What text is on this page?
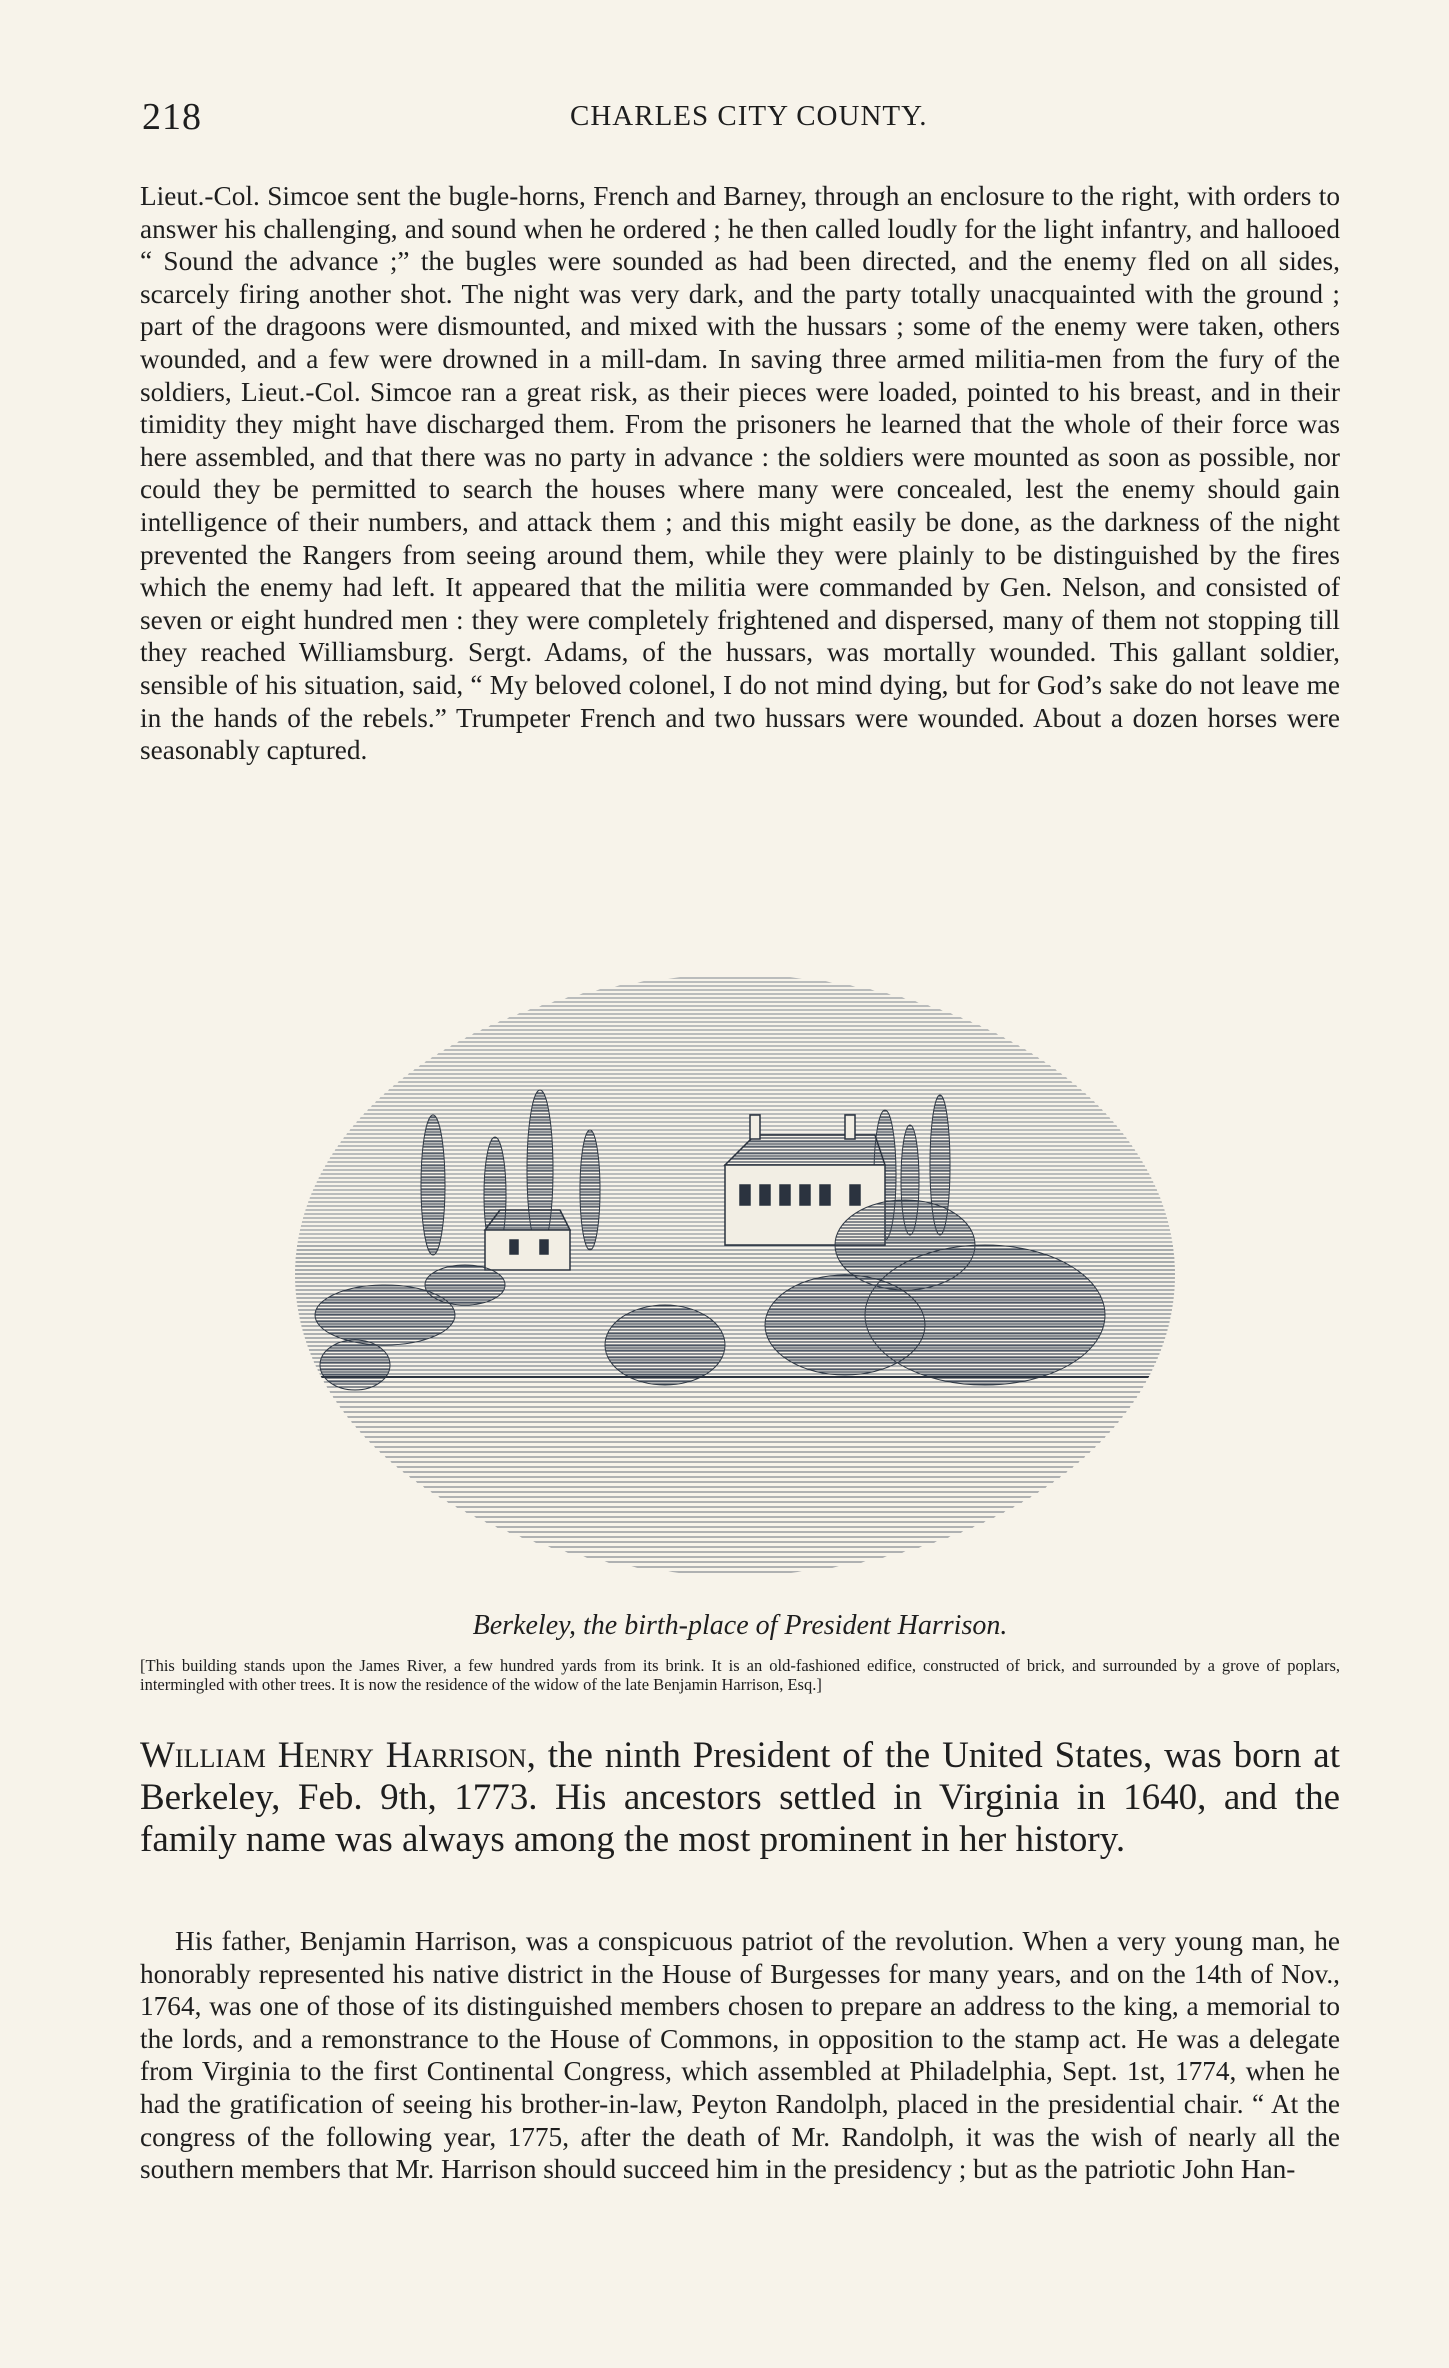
218	CHARLES CITY COUNTY.

Lieut.-Col. Simcoe sent the bugle-horns, French and Barney, through an enclosure to the right, with orders to answer his challenging, and sound when he ordered ; he then called loudly for the light infantry, and hallooed “ Sound the advance ;” the bugles were sounded as had been directed, and the enemy fled on all sides, scarcely firing another shot. The night was very dark, and the party totally unacquainted with the ground ; part of the dragoons were dismounted, and mixed with the hussars ; some of the enemy were taken, others wounded, and a few were drowned in a mill-dam. In saving three armed militia-men from the fury of the soldiers, Lieut.-Col. Simcoe ran a great risk, as their pieces were loaded, pointed to his breast, and in their timidity they might have discharged them. From the prisoners he learned that the whole of their force was here assembled, and that there was no party in advance : the soldiers were mounted as soon as possible, nor could they be permitted to search the houses where many were concealed, lest the enemy should gain intelligence of their numbers, and attack them ; and this might easily be done, as the darkness of the night prevented the Rangers from seeing around them, while they were plainly to be distinguished by the fires which the enemy had left. It appeared that the militia were commanded by Gen. Nelson, and consisted of seven or eight hundred men : they were completely frightened and dispersed, many of them not stopping till they reached Williamsburg. Sergt. Adams, of the hussars, was mortally wounded. This gallant soldier, sensible of his situation, said, “ My beloved colonel, I do not mind dying, but for God’s sake do not leave me in the hands of the rebels.” Trumpeter French and two hussars were wounded. About a dozen horses were seasonably captured.

Berkeley, the birth-place of President Harrison.

[This building stands upon the James River, a few hundred yards from its brink. It is an old-fashioned edifice, constructed of brick, and surrounded by a grove of poplars, intermingled with other trees. It is now the residence of the widow of the late Benjamin Harrison, Esq.]

William Henry Harrison, the ninth President of the United States, was born at Berkeley, Feb. 9th, 1773. His ancestors settled in Virginia in 1640, and the family name was always among the most prominent in her history.

His father, Benjamin Harrison, was a conspicuous patriot of the revolution. When a very young man, he honorably represented his native district in the House of Burgesses for many years, and on the 14th of Nov., 1764, was one of those of its distinguished members chosen to prepare an address to the king, a memorial to the lords, and a remonstrance to the House of Commons, in opposition to the stamp act. He was a delegate from Virginia to the first Continental Congress, which assembled at Philadelphia, Sept. 1st, 1774, when he had the gratification of seeing his brother-in-law, Peyton Randolph, placed in the presidential chair. “ At the congress of the following year, 1775, after the death of Mr. Randolph, it was the wish of nearly all the southern members that Mr. Harrison should succeed him in the presidency ; but as the patriotic John Han-
